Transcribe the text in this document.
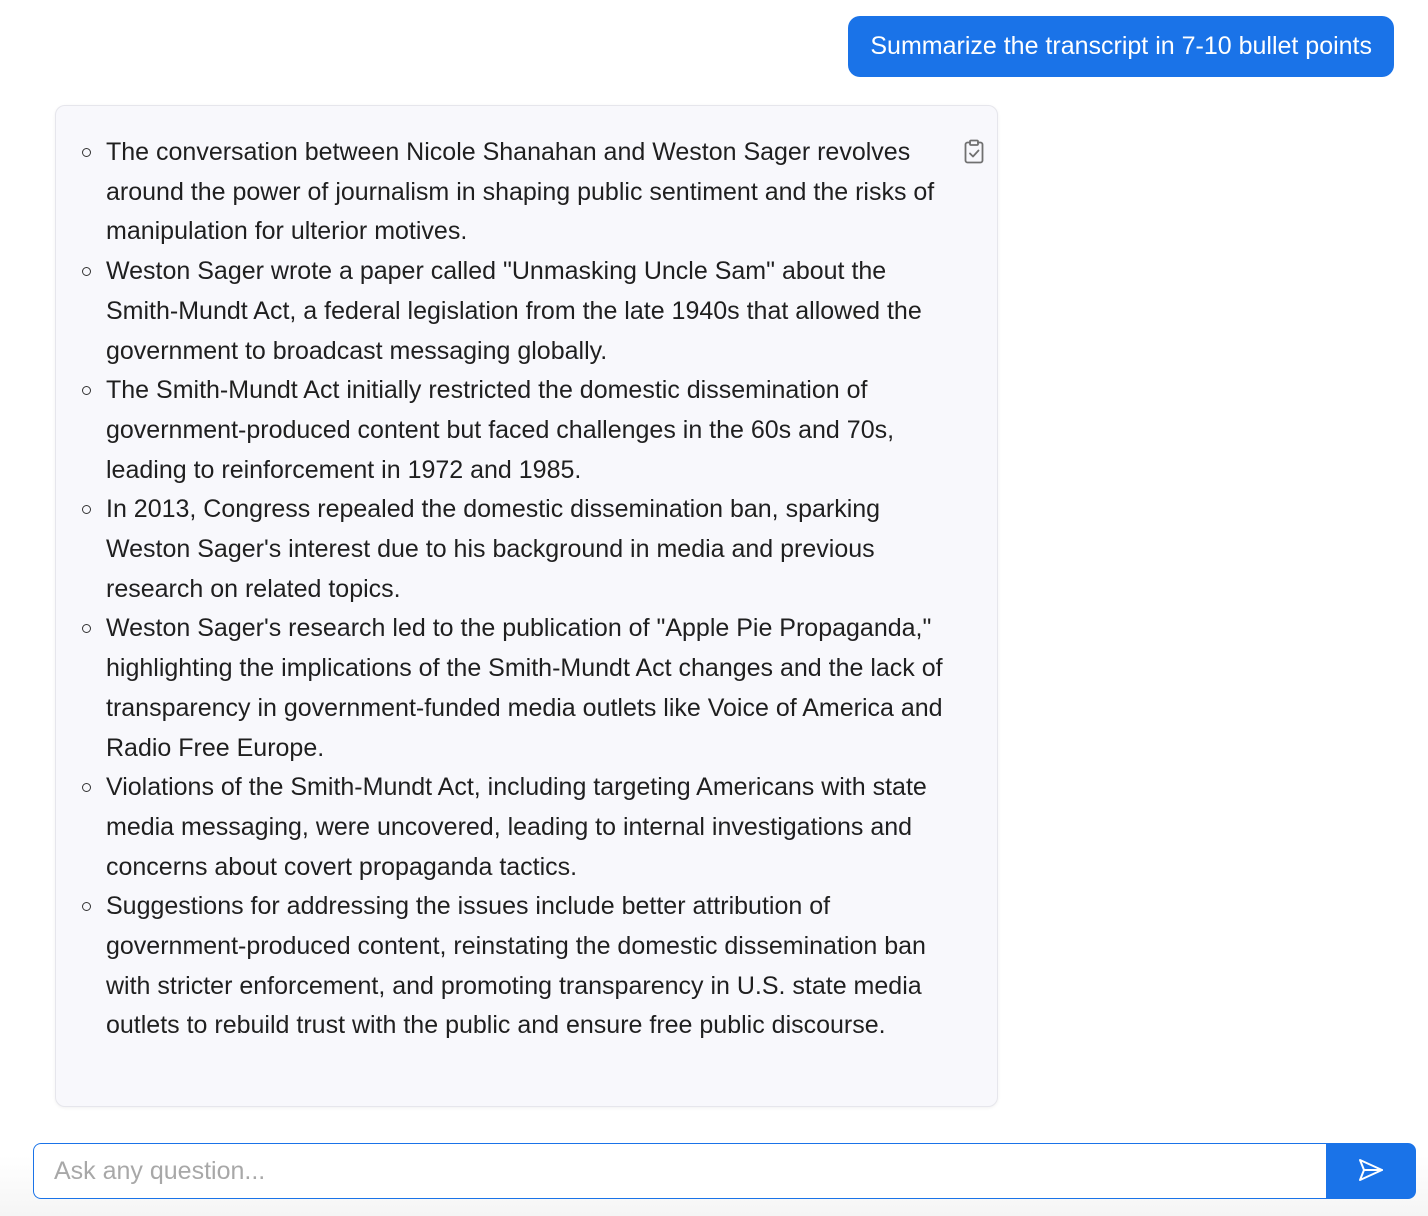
Summarize the transcript in 7-10 bullet points
The conversation between Nicole Shanahan and Weston Sager revolves around the power of journalism in shaping public sentiment and the risks of manipulation for ulterior motives.
Weston Sager wrote a paper called "Unmasking Uncle Sam" about the Smith-Mundt Act, a federal legislation from the late 1940s that allowed the government to broadcast messaging globally.
The Smith-Mundt Act initially restricted the domestic dissemination of government-produced content but faced challenges in the 60s and 70s, leading to reinforcement in 1972 and 1985.
In 2013, Congress repealed the domestic dissemination ban, sparking Weston Sager's interest due to his background in media and previous research on related topics.
Weston Sager's research led to the publication of "Apple Pie Propaganda," highlighting the implications of the Smith-Mundt Act changes and the lack of transparency in government-funded media outlets like Voice of America and Radio Free Europe.
Violations of the Smith-Mundt Act, including targeting Americans with state media messaging, were uncovered, leading to internal investigations and concerns about covert propaganda tactics.
Suggestions for addressing the issues include better attribution of government-produced content, reinstating the domestic dissemination ban with stricter enforcement, and promoting transparency in U.S. state media outlets to rebuild trust with the public and ensure free public discourse.
Ask any question...
